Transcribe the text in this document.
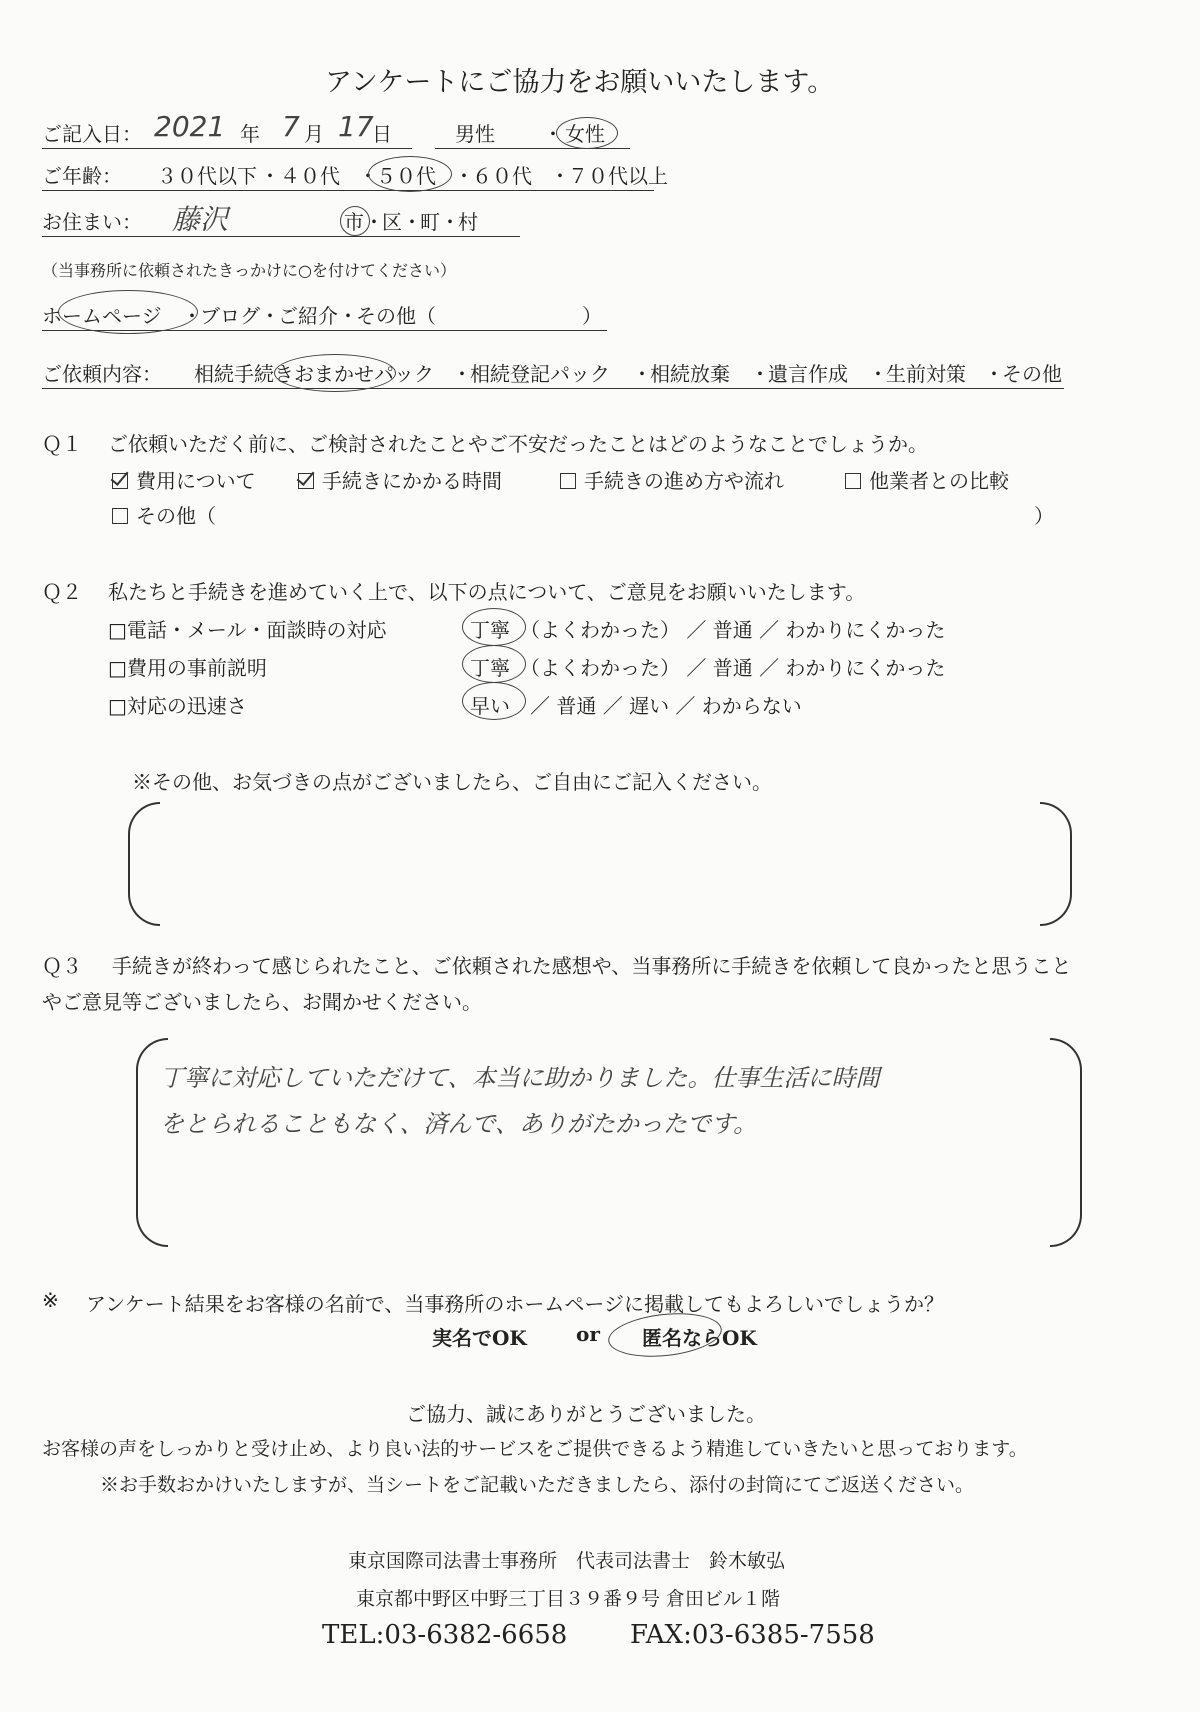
アンケートにご協力をお願いいたします。
ご記入日： 2021 年 7 月 17
日	男性 ・ 女性
ご年齢： ３０代以下 ・ ４０代 ・
５０代 ・
６０代 ・
７０代以上
お住まい： 藤沢	市 ・
区 ・
町 ・
村
（当事務所に依頼されたきっかけに○を付けてください）
ホームページ ・
ブログ ・
ご紹介 ・
その他（	）
ご依頼内容： 相続手続きおまかせパック ・
相続登記パック ・
相続放棄 ・
遺言作成 ・
生前対策 ・
その他
Ｑ１ ご依頼いただく前に、ご検討されたことやご不安だったことはどのようなことでしょうか。
費用について	手続きにかかる時間	手続きの進め方や流れ	他業者との比較
その他（	）
Ｑ２ 私たちと手続きを進めていく上で、以下の点について、ご意見をお願いいたします。
□電話・メール・面談時の対応	丁寧 （よくわかった） ／ 普通 ／ わかりにくかった
□費用の事前説明	丁寧 （よくわかった） ／ 普通 ／ わかりにくかった
□対応の迅速さ	早い ／ 普通 ／ 遅い ／ わからない
※その他、お気づきの点がございましたら、ご自由にご記入ください。
Ｑ３ 手続きが終わって感じられたこと、ご依頼された感想や、当事務所に手続きを依頼して良かったと思うこと
やご意見等ございましたら、お聞かせください。
丁寧に対応していただけて、本当に助かりました。仕事生活に時間
をとられることもなく、済んで、ありがたかったです。
※ アンケート結果をお客様の名前で、当事務所のホームページに掲載してもよろしいでしょうか？
実名でOK or 匿名ならOK
ご協力、誠にありがとうございました。
お客様の声をしっかりと受け止め、より良い法的サービスをご提供できるよう精進していきたいと思っております。
※お手数おかけいたしますが、当シートをご記載いただきましたら、添付の封筒にてご返送ください。
東京国際司法書士事務所　代表司法書士　鈴木敏弘
東京都中野区中野三丁目３９番９号 倉田ビル１階
TEL:03-6382-6658 FAX:03-6385-7558
